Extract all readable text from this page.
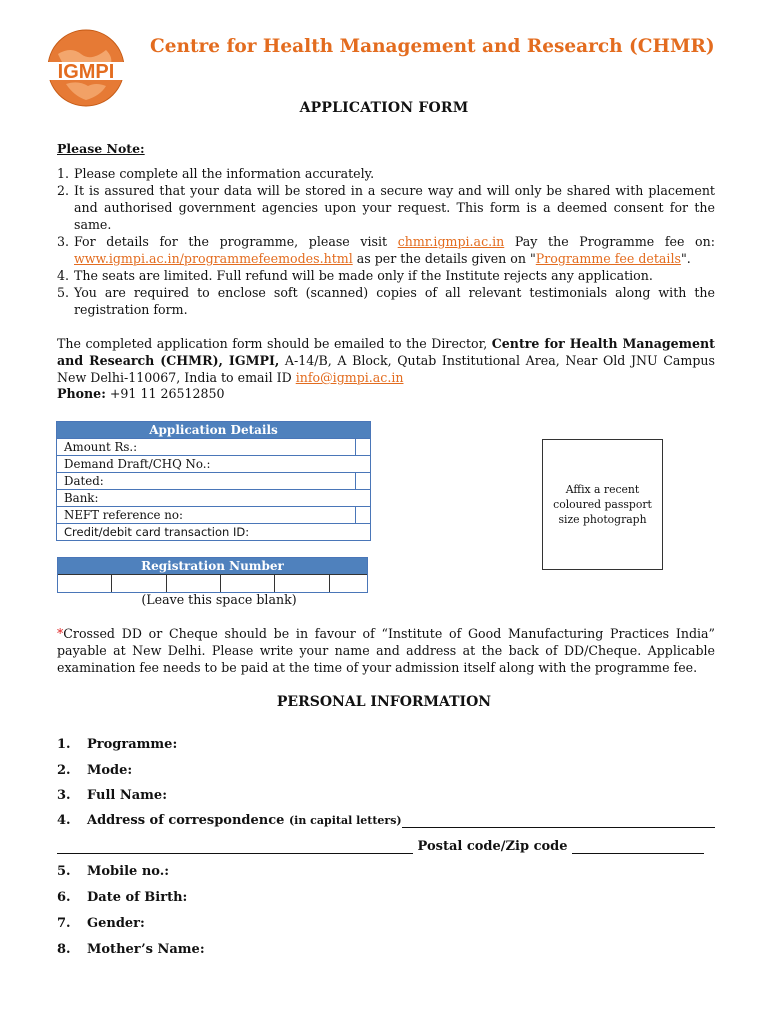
IGMPI
Centre for Health Management and Research (CHMR)
APPLICATION FORM
Please Note:
1. Please complete all the information accurately.
2. It is assured that your data will be stored in a secure way and will only be shared with placement and authorised government agencies upon your request. This form is a deemed consent for the same.
3. For details for the programme, please visit chmr.igmpi.ac.in Pay the Programme fee on: www.igmpi.ac.in/programmefeemodes.html as per the details given on "Programme fee details".
4. The seats are limited. Full refund will be made only if the Institute rejects any application.
5. You are required to enclose soft (scanned) copies of all relevant testimonials along with the registration form.
The completed application form should be emailed to the Director, Centre for Health Management and Research (CHMR), IGMPI, A-14/B, A Block, Qutab Institutional Area, Near Old JNU Campus New Delhi-110067, India to email ID info@igmpi.ac.in
Phone: +91 11 26512850
Application Details
Amount Rs.:
Demand Draft/CHQ No.:
Dated:
Bank:
NEFT reference no:
Credit/debit card transaction ID:
Affix a recent coloured passport size photograph
Registration Number
(Leave this space blank)
*Crossed DD or Cheque should be in favour of “Institute of Good Manufacturing Practices India” payable at New Delhi. Please write your name and address at the back of DD/Cheque. Applicable examination fee needs to be paid at the time of your admission itself along with the programme fee.
PERSONAL INFORMATION
1. Programme:
2. Mode:
3. Full Name:
4. Address of correspondence (in capital letters)
Postal code/Zip code
5. Mobile no.:
6. Date of Birth:
7. Gender:
8. Mother’s Name:
